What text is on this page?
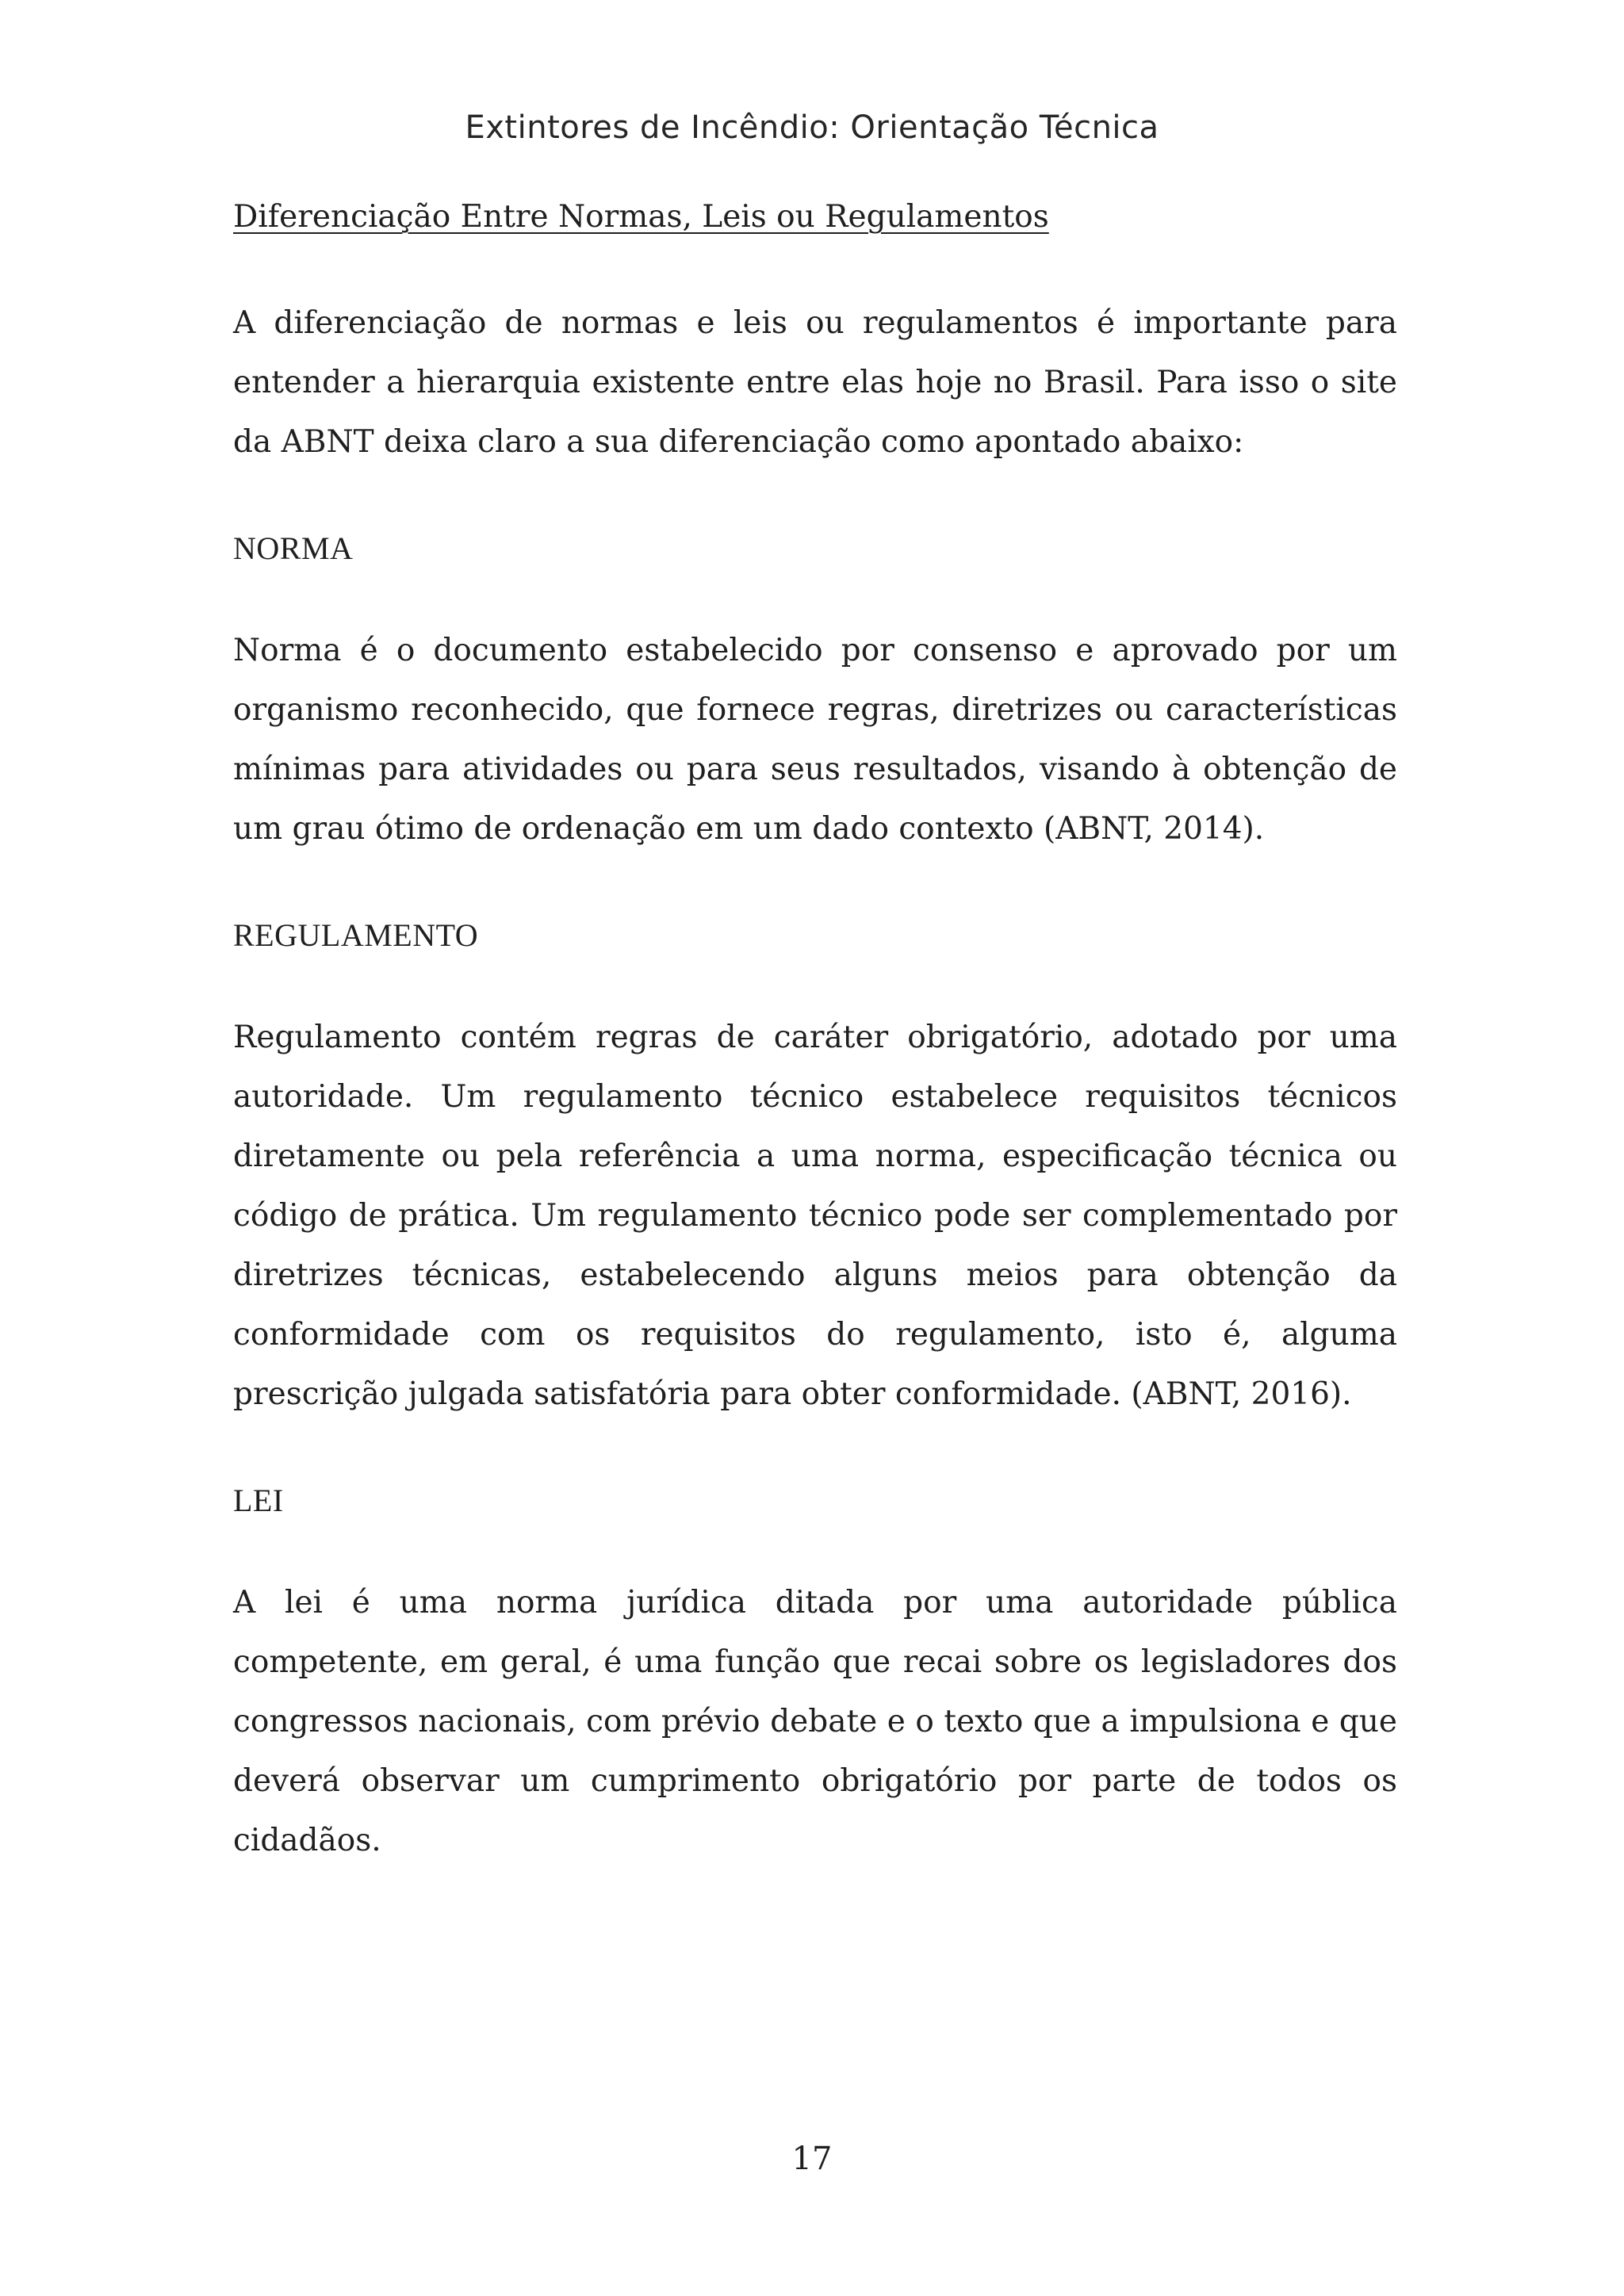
Extintores de Incêndio: Orientação Técnica
Diferenciação Entre Normas, Leis ou Regulamentos

A diferenciação de normas e leis ou regulamentos é importante para entender a hierarquia existente entre elas hoje no Brasil. Para isso o site da ABNT deixa claro a sua diferenciação como apontado abaixo:

NORMA

Norma é o documento estabelecido por consenso e aprovado por um organismo reconhecido, que fornece regras, diretrizes ou características mínimas para atividades ou para seus resultados, visando à obtenção de um grau ótimo de ordenação em um dado contexto (ABNT, 2014).

REGULAMENTO

Regulamento contém regras de caráter obrigatório, adotado por uma autoridade. Um regulamento técnico estabelece requisitos técnicos diretamente ou pela referência a uma norma, especificação técnica ou código de prática. Um regulamento técnico pode ser complementado por diretrizes técnicas, estabelecendo alguns meios para obtenção da conformidade com os requisitos do regulamento, isto é, alguma prescrição julgada satisfatória para obter conformidade. (ABNT, 2016).

LEI

A lei é uma norma jurídica ditada por uma autoridade pública competente, em geral, é uma função que recai sobre os legisladores dos congressos nacionais, com prévio debate e o texto que a impulsiona e que deverá observar um cumprimento obrigatório por parte de todos os cidadãos.

17
